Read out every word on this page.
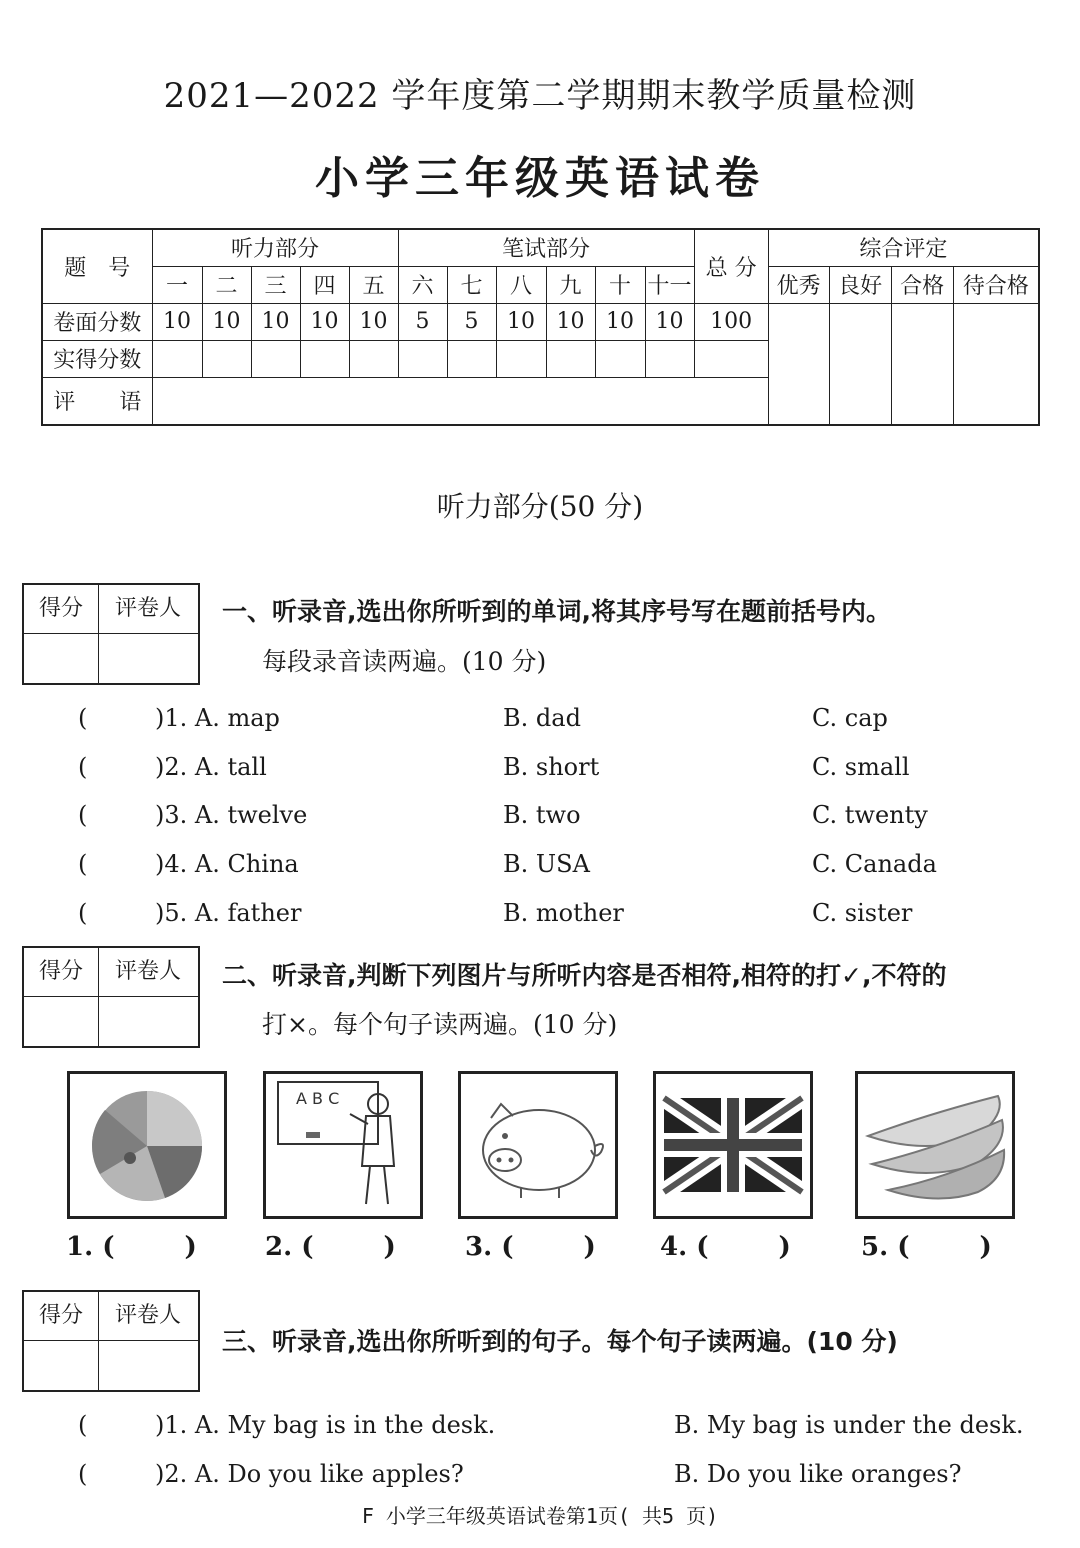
2021—2022 学年度第二学期期末教学质量检测
小学三年级英语试卷
题　号	听力部分					笔试部分						总 分	综合评定			
	一	二	三	四	五	六	七	八	九	十	十一		优秀	良好	合格	待合格
卷面分数	10	10	10	10	10	5	5	10	10	10	10	100				
实得分数																
评　　语																
听力部分(50 分)
得分	评卷人	一、听录音,选出你所听到的单词,将其序号写在题前括号内。
每段录音读两遍。(10 分)
(	)1. A. map	B. dad	C. cap
(	)2. A. tall	B. short	C. small
(	)3. A. twelve	B. two	C. twenty
(	)4. A. China	B. USA	C. Canada
(	)5. A. father	B. mother	C. sister
得分	评卷人	二、听录音,判断下列图片与所听内容是否相符,相符的打✓,不符的
打×。每个句子读两遍。(10 分)
A B C
1. (	)	2. (	)	3. (	) 4. (	)	5. (	)
得分	评卷人
三、听录音,选出你所听到的句子。每个句子读两遍。(10 分)
(	)1. A. My bag is in the desk.	B. My bag is under the desk.
(	)2. A. Do you like apples?	B. Do you like oranges?
F 小学三年级英语试卷第1页( 共5 页)
